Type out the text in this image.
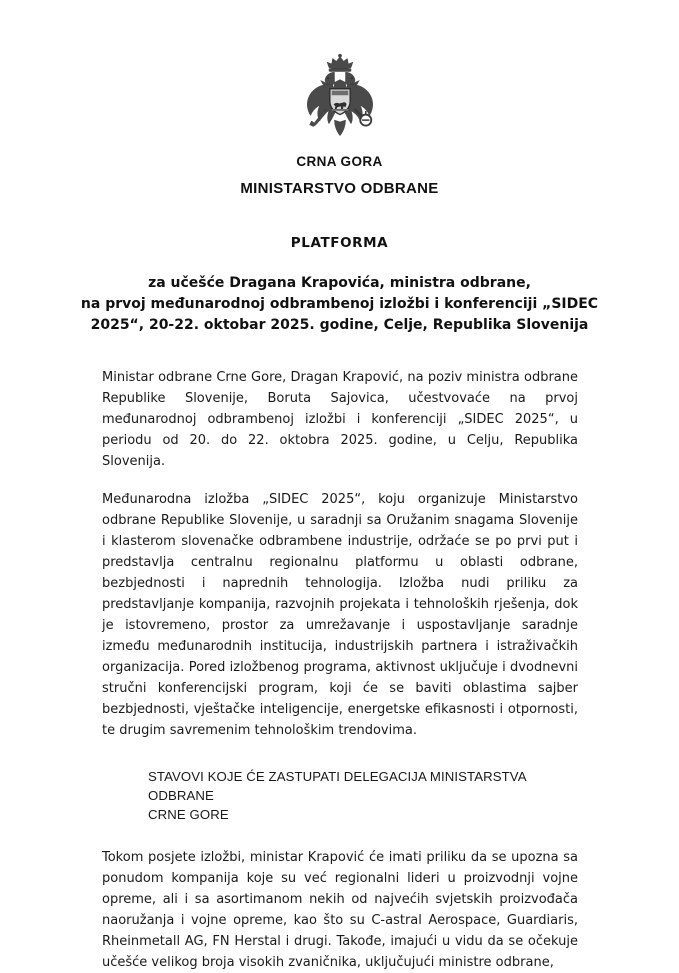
CRNA GORA
MINISTARSTVO ODBRANE
PLATFORMA
za učešće Dragana Krapovića, ministra odbrane,
na prvoj međunarodnoj odbrambenoj izložbi i konferenciji „SIDEC
2025“, 20-22. oktobar 2025. godine, Celje, Republika Slovenija

Ministar odbrane Crne Gore, Dragan Krapović, na poziv ministra odbrane Republike Slovenije, Boruta Sajovica, učestvovaće na prvoj međunarodnoj odbrambenoj izložbi i konferenciji „SIDEC 2025“, u periodu od 20. do 22. oktobra 2025. godine, u Celju, Republika Slovenija.

Međunarodna izložba „SIDEC 2025“, koju organizuje Ministarstvo odbrane Republike Slovenije, u saradnji sa Oružanim snagama Slovenije i klasterom slovenačke odbrambene industrije, održaće se po prvi put i predstavlja centralnu regionalnu platformu u oblasti odbrane, bezbjednosti i naprednih tehnologija. Izložba nudi priliku za predstavljanje kompanija, razvojnih projekata i tehnoloških rješenja, dok je istovremeno, prostor za umrežavanje i uspostavljanje saradnje između međunarodnih institucija, industrijskih partnera i istraživačkih organizacija. Pored izložbenog programa, aktivnost uključuje i dvodnevni stručni konferencijski program, koji će se baviti oblastima sajber bezbjednosti, vještačke inteligencije, energetske efikasnosti i otpornosti, te drugim savremenim tehnološkim trendovima.

STAVOVI KOJE ĆE ZASTUPATI DELEGACIJA MINISTARSTVA ODBRANE
CRNE GORE

Tokom posjete izložbi, ministar Krapović će imati priliku da se upozna sa ponudom kompanija koje su već regionalni lideri u proizvodnji vojne opreme, ali i sa asortimanom nekih od najvećih svjetskih proizvođača naoružanja i vojne opreme, kao što su C-astral Aerospace, Guardiaris, Rheinmetall AG, FN Herstal i drugi. Takođe, imajući u vidu da se očekuje učešće velikog broja visokih zvaničnika, uključujući ministre odbrane,
